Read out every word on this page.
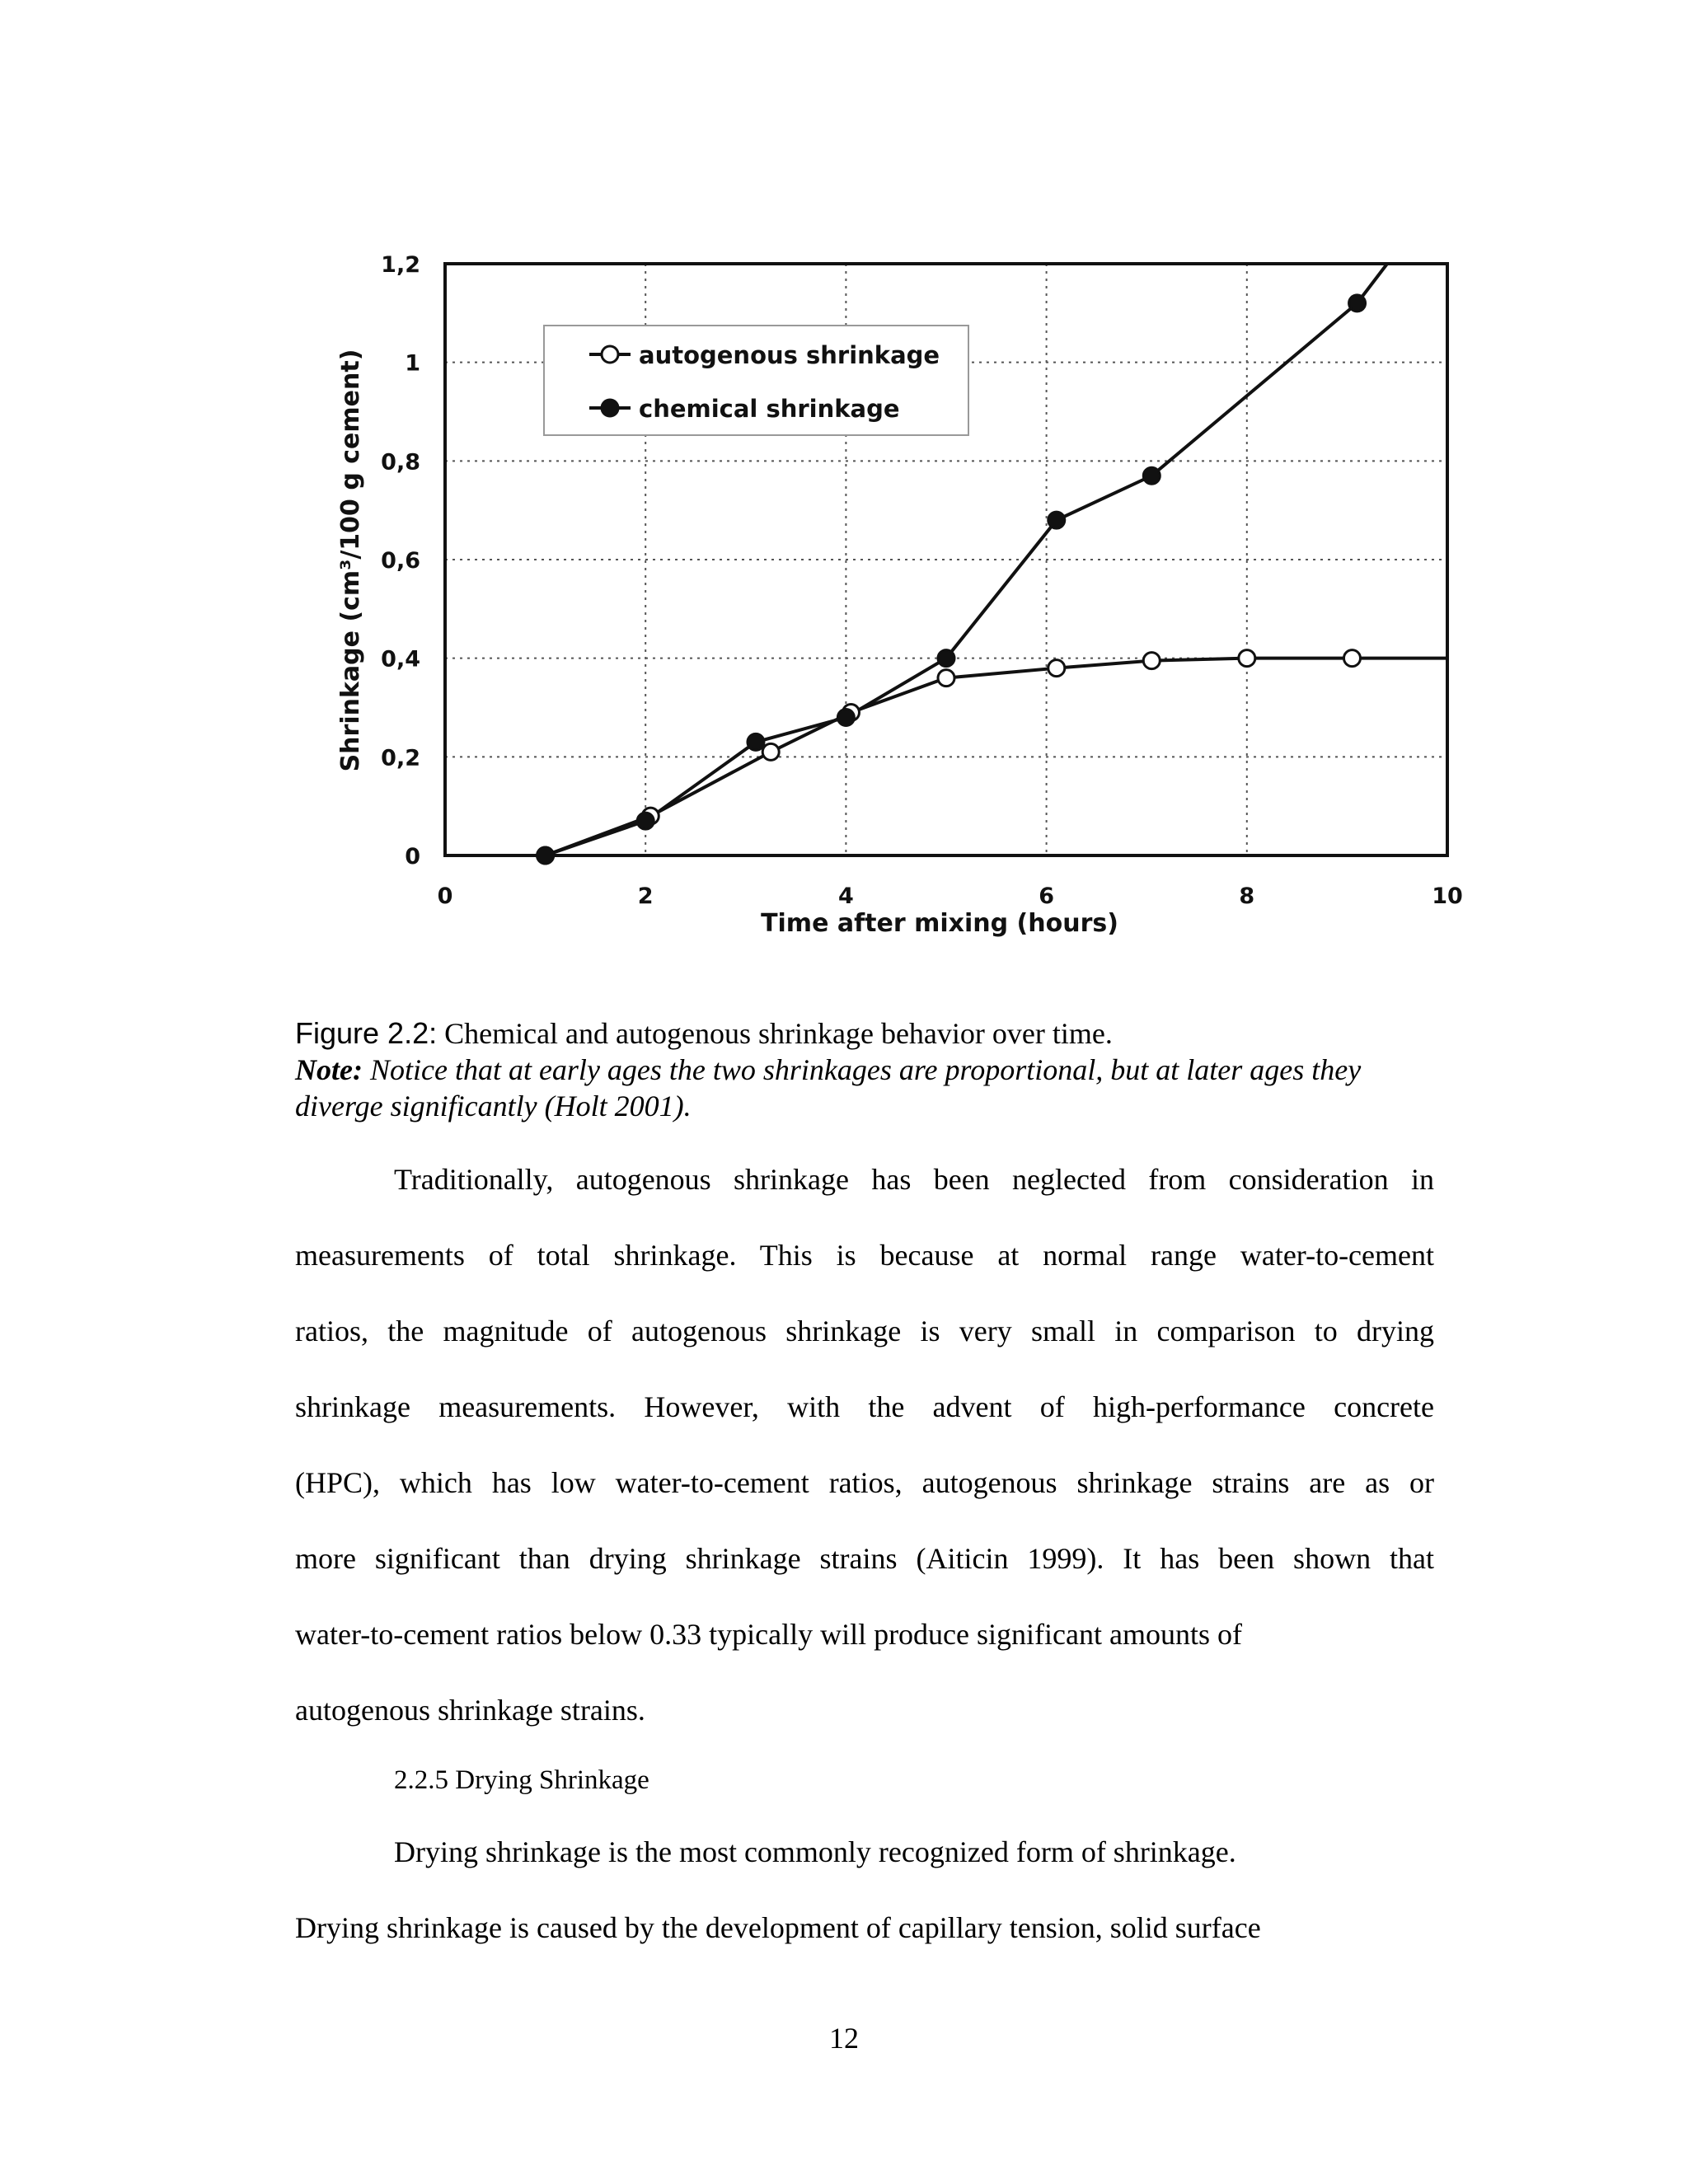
0
0,2
0,4
0,6
0,8
1
1,2
0	2	4	6	8	10
autogenous shrinkage
chemical shrinkage
Time after mixing (hours)
Shrinkage (cm³/100 g cement)
Figure 2.2: Chemical and autogenous shrinkage behavior over time.
Note: Notice that at early ages the two shrinkages are proportional, but at later ages they
diverge significantly (Holt 2001).
Traditionally, autogenous shrinkage has been neglected from consideration in
measurements of total shrinkage. This is because at normal range water-to-cement
ratios, the magnitude of autogenous shrinkage is very small in comparison to drying
shrinkage measurements. However, with the advent of high-performance concrete
(HPC), which has low water-to-cement ratios, autogenous shrinkage strains are as or
more significant than drying shrinkage strains (Aiticin 1999). It has been shown that
water-to-cement ratios below 0.33 typically will produce significant amounts of
autogenous shrinkage strains.
2.2.5 Drying Shrinkage
Drying shrinkage is the most commonly recognized form of shrinkage.
Drying shrinkage is caused by the development of capillary tension, solid surface
12
